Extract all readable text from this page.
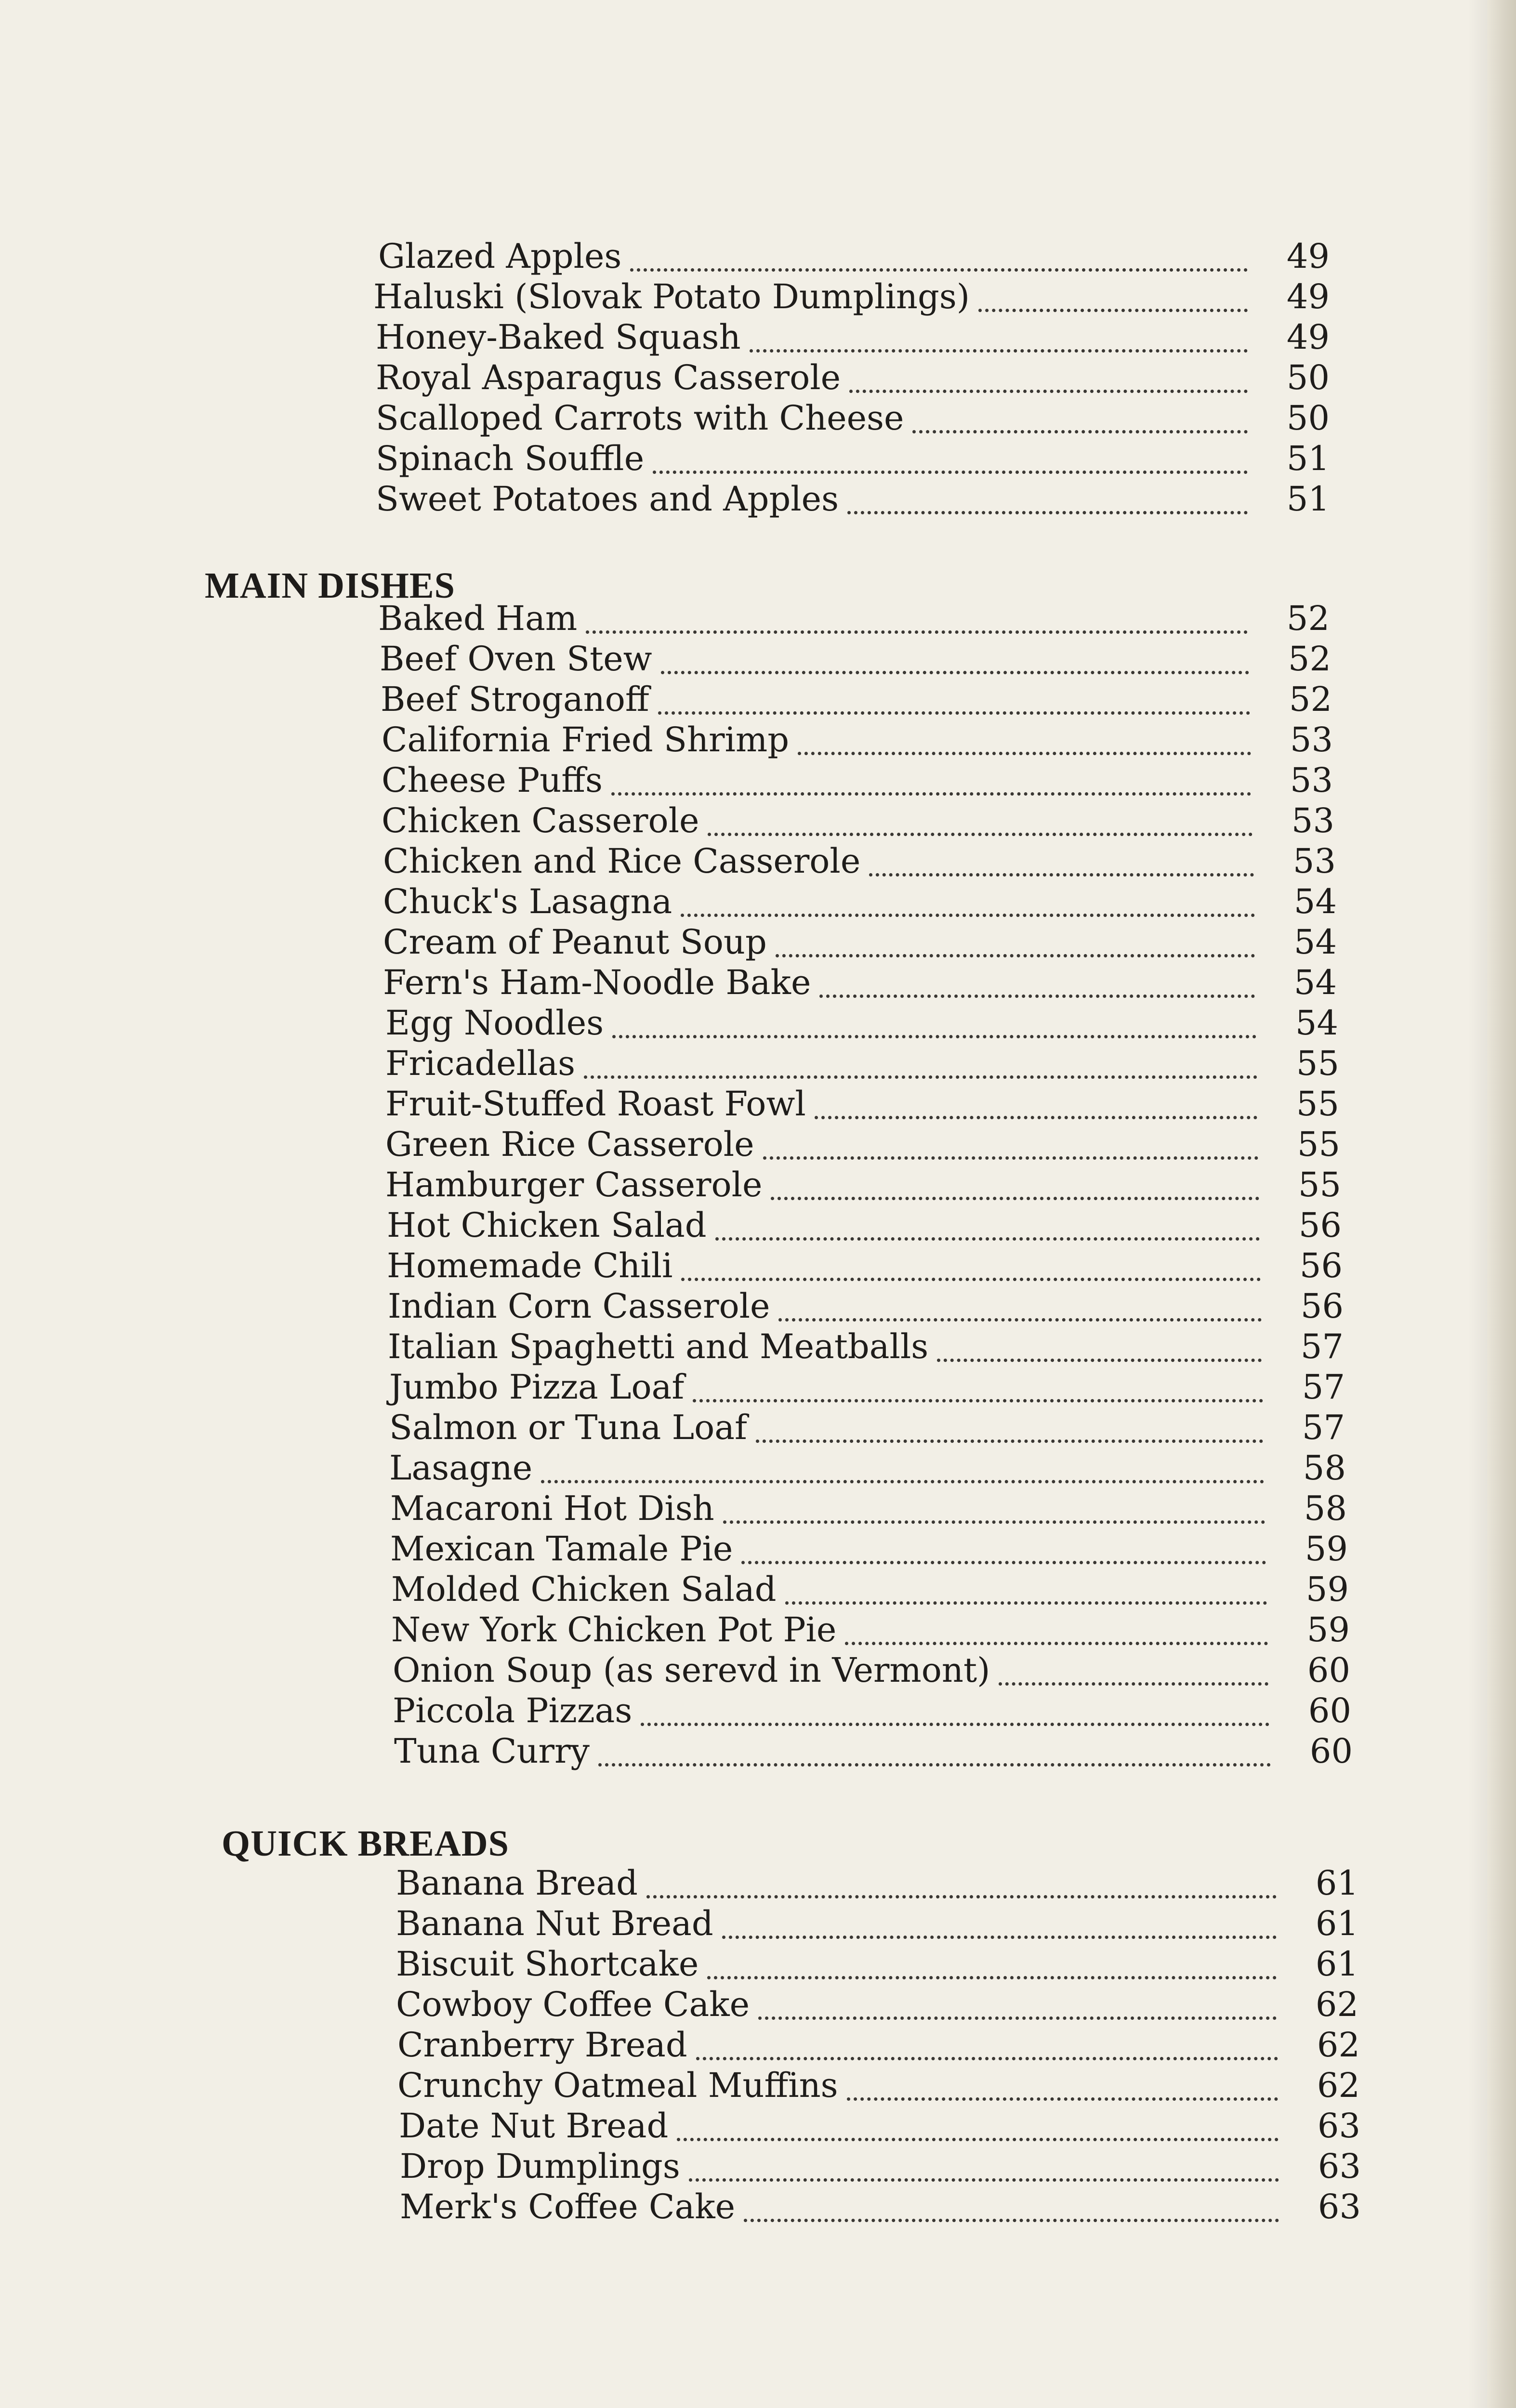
Glazed Apples	49
Haluski (Slovak Potato Dumplings)	49
Honey-Baked Squash	49
Royal Asparagus Casserole	50
Scalloped Carrots with Cheese	50
Spinach Souffle	51
Sweet Potatoes and Apples	51
MAIN DISHES
Baked Ham	52
Beef Oven Stew	52
Beef Stroganoff	52
California Fried Shrimp	53
Cheese Puffs	53
Chicken Casserole	53
Chicken and Rice Casserole	53
Chuck's Lasagna	54
Cream of Peanut Soup	54
Fern's Ham-Noodle Bake	54
Egg Noodles	54
Fricadellas	55
Fruit-Stuffed Roast Fowl	55
Green Rice Casserole	55
Hamburger Casserole	55
Hot Chicken Salad	56
Homemade Chili	56
Indian Corn Casserole	56
Italian Spaghetti and Meatballs	57
Jumbo Pizza Loaf	57
Salmon or Tuna Loaf	57
Lasagne	58
Macaroni Hot Dish	58
Mexican Tamale Pie	59
Molded Chicken Salad	59
New York Chicken Pot Pie	59
Onion Soup (as serevd in Vermont)	60
Piccola Pizzas	60
Tuna Curry	60
QUICK BREADS
Banana Bread	61
Banana Nut Bread	61
Biscuit Shortcake	61
Cowboy Coffee Cake	62
Cranberry Bread	62
Crunchy Oatmeal Muffins	62
Date Nut Bread	63
Drop Dumplings	63
Merk's Coffee Cake	63
